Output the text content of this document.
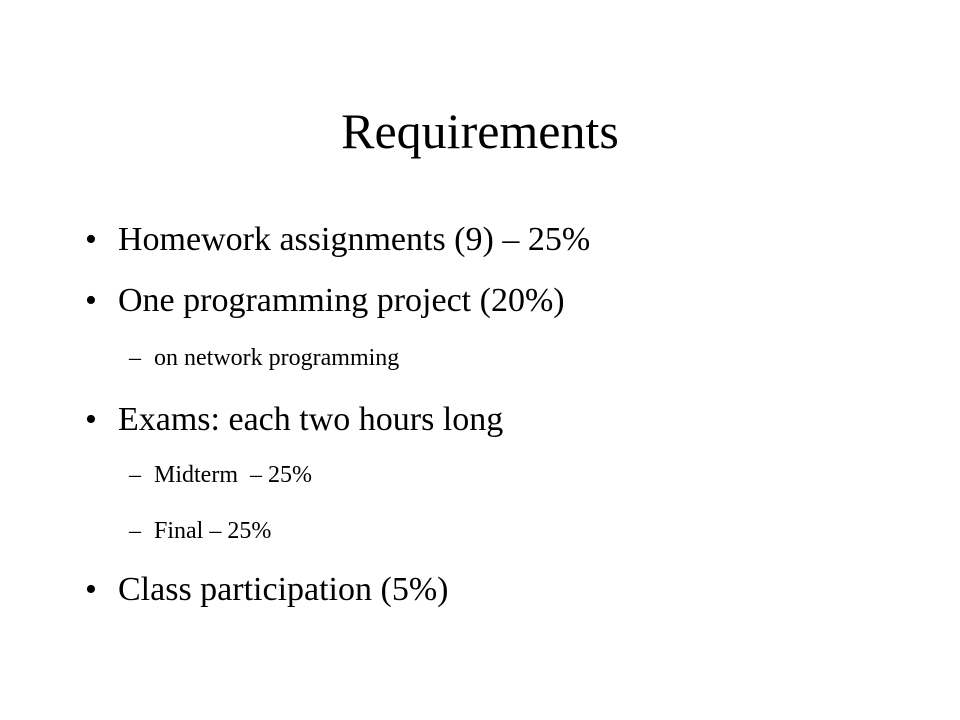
Requirements
• Homework assignments (9) – 25%
• One programming project (20%)
– on network programming
• Exams: each two hours long
– Midterm  – 25%
– Final – 25%
• Class participation (5%)
